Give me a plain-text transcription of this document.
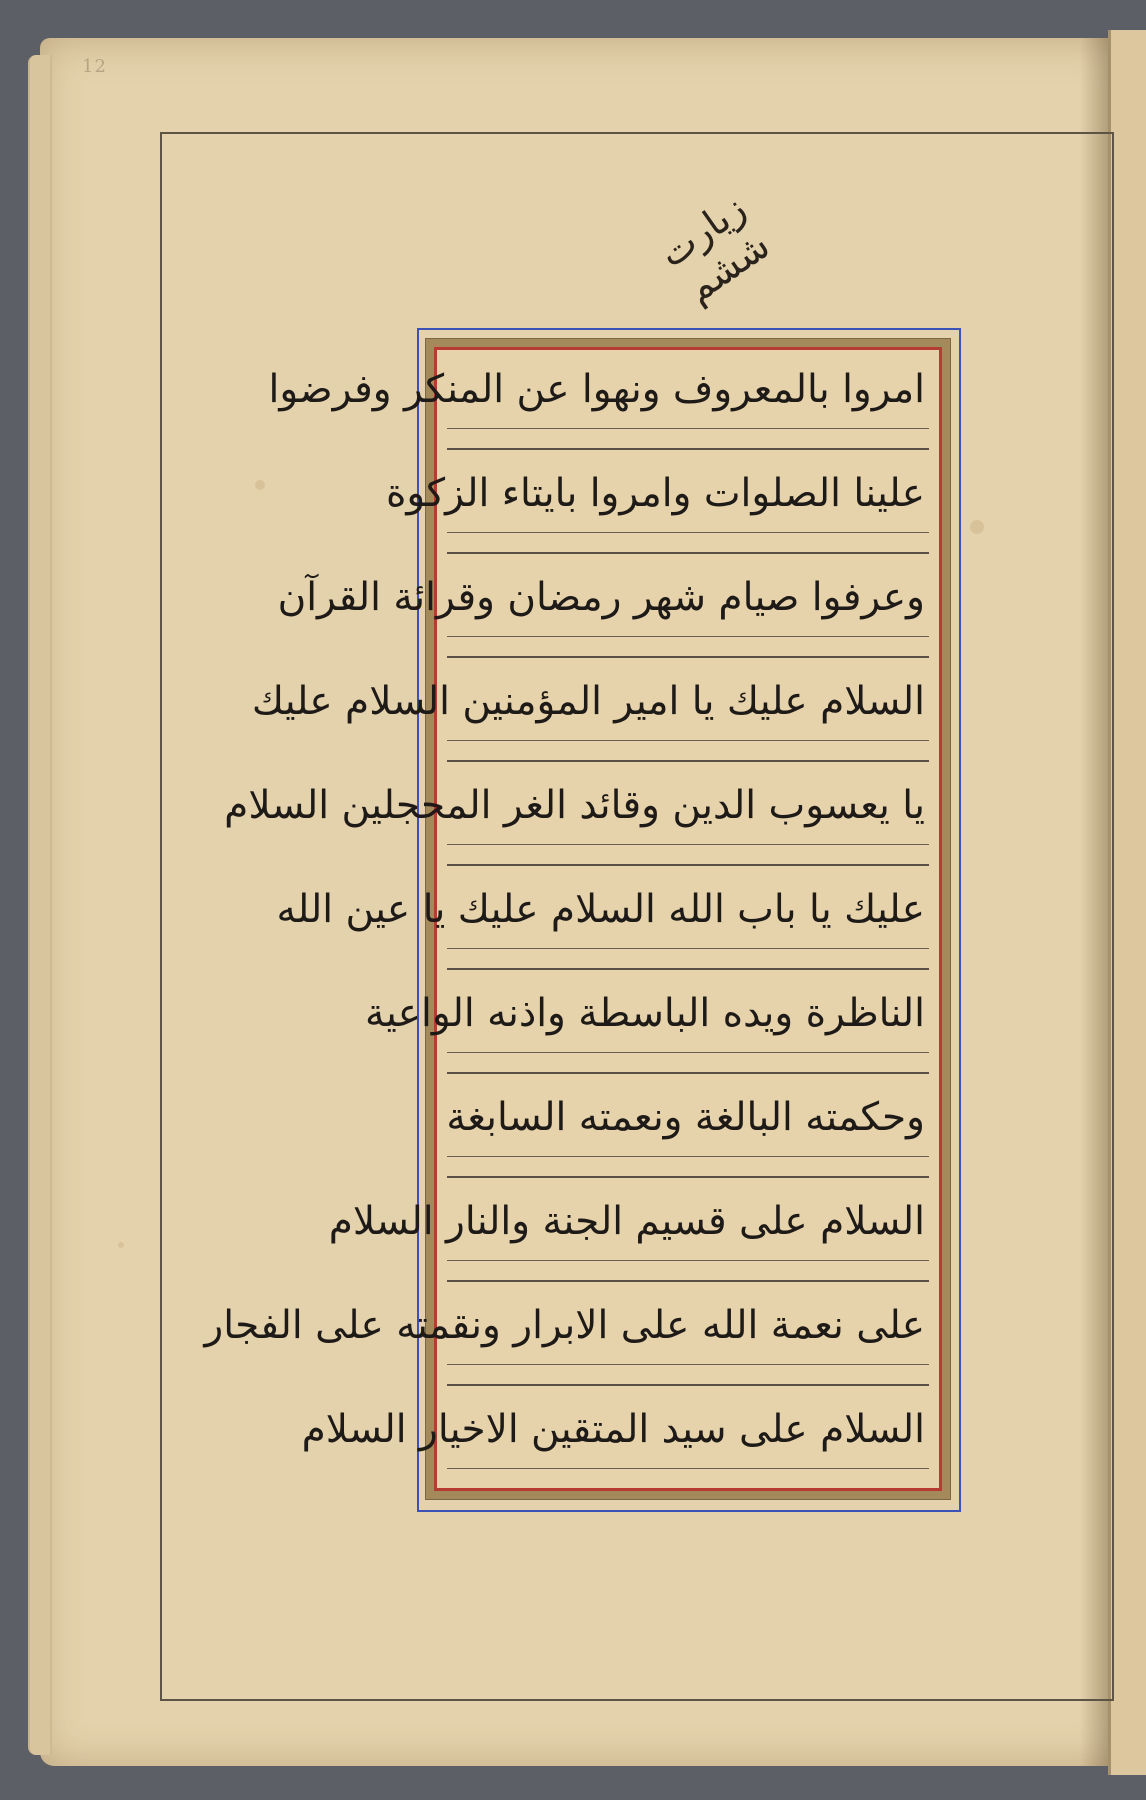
12
زیارت ششم
امروا بالمعروف ونهوا عن المنكر وفرضوا
علينا الصلوات وامروا بايتاء الزكوة
وعرفوا صيام شهر رمضان وقرائة القرآن
السلام عليك يا امير المؤمنين السلام عليك
يا يعسوب الدين وقائد الغر المحجلين السلام
عليك يا باب الله السلام عليك يا عين الله
الناظرة ويده الباسطة واذنه الواعية
وحكمته البالغة ونعمته السابغة
السلام على قسيم الجنة والنار السلام
على نعمة الله على الابرار ونقمته على الفجار
السلام على سيد المتقين الاخيار السلام
